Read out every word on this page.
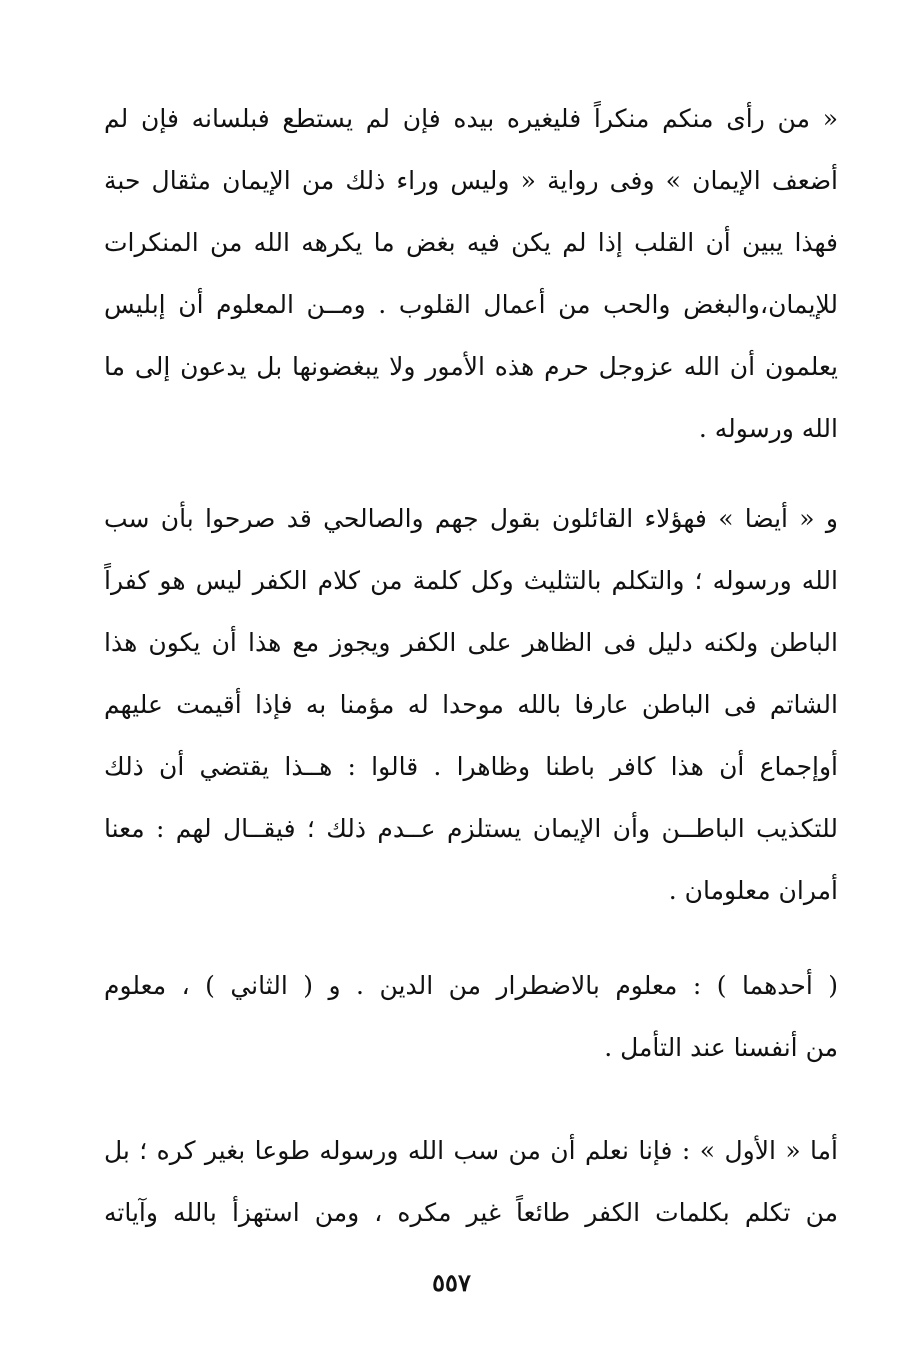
« من رأى منكم منكراً فليغيره بيده فإن لم يستطع فبلسانه فإن لم
أضعف الإيمان » وفى رواية « وليس وراء ذلك من الإيمان مثقال حبة
فهذا يبين أن القلب إذا لم يكن فيه بغض ما يكرهه الله من المنكرات
للإيمان،والبغض والحب من أعمال القلوب . ومــن المعلوم أن إبليس
يعلمون أن الله عزوجل حرم هذه الأمور ولا يبغضونها بل يدعون إلى ما
الله ورسوله .
و « أيضا » فهؤلاء القائلون بقول جهم والصالحي قد صرحوا بأن سب
الله ورسوله ؛ والتكلم بالتثليث وكل كلمة من كلام الكفر ليس هو كفراً
الباطن ولكنه دليل فى الظاهر على الكفر ويجوز مع هذا أن يكون هذا
الشاتم فى الباطن عارفا بالله موحدا له مؤمنا به فإذا أقيمت عليهم
أوإجماع أن هذا كافر باطنا وظاهرا . قالوا : هــذا يقتضي أن ذلك
للتكذيب الباطــن وأن الإيمان يستلزم عــدم ذلك ؛ فيقــال لهم : معنا
أمران معلومان .
( أحدهما ) : معلوم بالاضطرار من الدين . و ( الثاني ) ، معلوم
من أنفسنا عند التأمل .
أما « الأول » : فإنا نعلم أن من سب الله ورسوله طوعا بغير كره ؛ بل
من تكلم بكلمات الكفر طائعاً غير مكره ، ومن استهزأ بالله وآياته
٥٥٧
